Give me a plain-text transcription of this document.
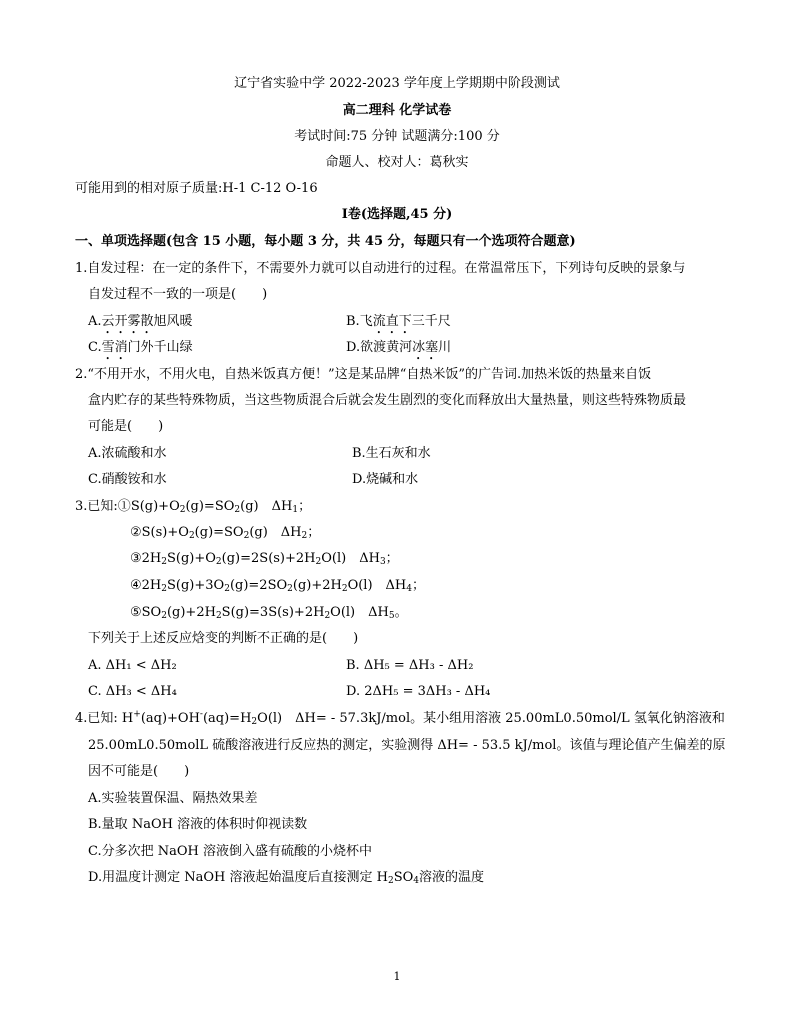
辽宁省实验中学 2022-2023 学年度上学期期中阶段测试
高二理科 化学试卷
考试时间:75 分钟 试题满分:100 分
命题人、校对人：葛秋实
可能用到的相对原子质量:H-1 C-12 O-16
Ⅰ卷(选择题,45 分)
一、单项选择题(包含 15 小题，每小题 3 分，共 45 分，每题只有一个选项符合题意)
1.自发过程：在一定的条件下，不需要外力就可以自动进行的过程。在常温常压下，下列诗句反映的景象与
自发过程不一致的一项是(　　)
A.云开雾散旭风暖	B.飞流直下三千尺
C.雪消门外千山绿	D.欲渡黄河冰塞川
2.“不用开水，不用火电，自热米饭真方便！”这是某品牌“自热米饭”的广告词.加热米饭的热量来自饭
盒内贮存的某些特殊物质，当这些物质混合后就会发生剧烈的变化而释放出大量热量，则这些特殊物质最
可能是(　　)
A.浓硫酸和水	B.生石灰和水
C.硝酸铵和水	D.烧碱和水
3.已知$:①S(g)+O_2(g)=SO_2(g)$　$\Delta H_1$；
$②S(s)+O_2(g)=SO_2(g)$　$\Delta H_2$；
$③2H_2S(g)+O_2(g)=2S(s)+2H_2O(l)$　$\Delta H_3$；
$④2H_2S(g)+3O_2(g)=2SO_2(g)+2H_2O(l)$　$\Delta H_4$；
$⑤SO_2(g)+2H_2S(g)=3S(s)+2H_2O(l)$　$\Delta H_5$。
下列关于上述反应焓变的判断不正确的是(　　)
A. ΔH₁ < ΔH₂	B. ΔH₅ = ΔH₃ - ΔH₂
C. ΔH₃ < ΔH₄	D. 2ΔH₅ = 3ΔH₃ - ΔH₄
4.已知: $H^+(aq)+OH^-(aq)=H_2O(l)$　ΔH= - 57.3kJ/mol。某小组用溶液 25.00mL0.50mol/L 氢氧化钠溶液和
25.00mL0.50molL 硫酸溶液进行反应热的测定，实验测得 ΔH= - 53.5 kJ/mol。该值与理论值产生偏差的原
因不可能是(　　)
A.实验装置保温、隔热效果差
B.量取 NaOH 溶液的体积时仰视读数
C.分多次把 NaOH 溶液倒入盛有硫酸的小烧杯中
D.用温度计测定 NaOH 溶液起始温度后直接测定 $H_2SO_4$溶液的温度
1
